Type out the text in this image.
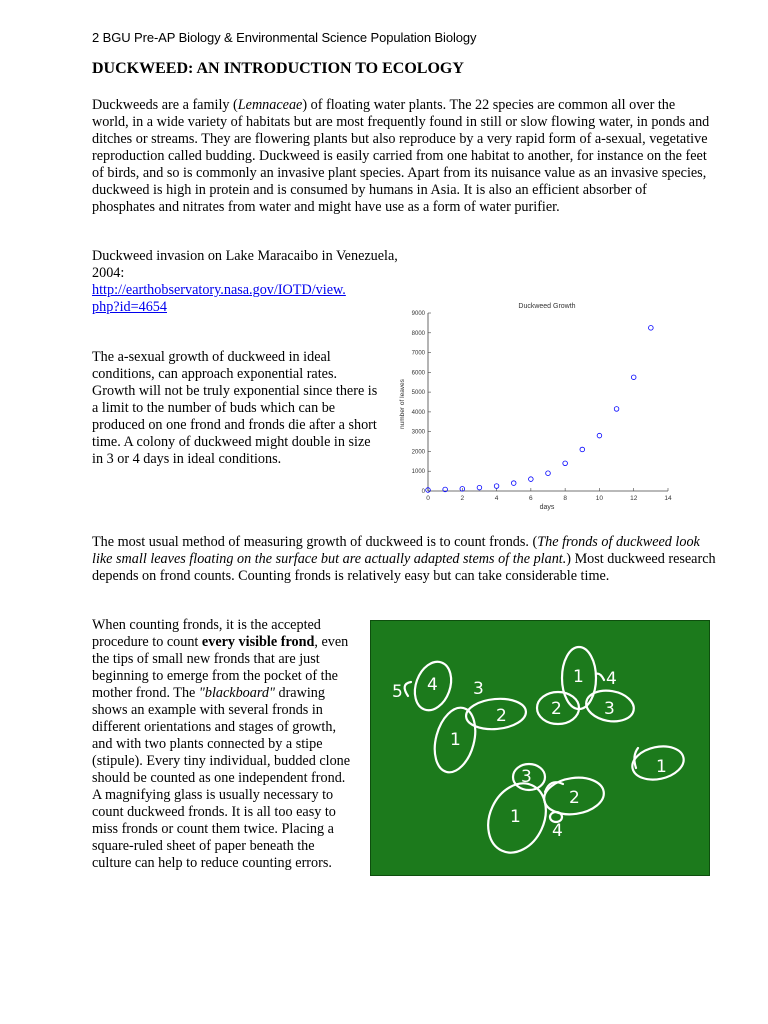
2 BGU Pre-AP Biology & Environmental Science Population Biology
DUCKWEED: AN INTRODUCTION TO ECOLOGY

Duckweeds are a family (Lemnaceae) of floating water plants. The 22 species are common all over the world, in a wide variety of habitats but are most frequently found in still or slow flowing water, in ponds and ditches or streams. They are flowering plants but also reproduce by a very rapid form of a-sexual, vegetative reproduction called budding. Duckweed is easily carried from one habitat to another, for instance on the feet of birds, and so is commonly an invasive plant species. Apart from its nuisance value as an invasive species, duckweed is high in protein and is consumed by humans in Asia. It is also an efficient absorber of phosphates and nitrates from water and might have use as a form of water purifier.

Duckweed invasion on Lake Maracaibo in Venezuela, 2004:
http://earthobservatory.nasa.gov/IOTD/view.
php?id=4654

The a-sexual growth of duckweed in ideal conditions, can approach exponential rates. Growth will not be truly exponential since there is a limit to the number of buds which can be produced on one frond and fronds die after a short time. A colony of duckweed might double in size in 3 or 4 days in ideal conditions.

Duckweed Growth
0	2	4	6	8	10	12	14
0
1000
2000
3000
4000
5000
6000
7000
8000
9000
days
number of leaves

The most usual method of measuring growth of duckweed is to count fronds. (The fronds of duckweed look like small leaves floating on the surface but are actually adapted stems of the plant.) Most duckweed research depends on frond counts. Counting fronds is relatively easy but can take considerable time.

When counting fronds, it is the accepted procedure to count every visible frond, even the tips of small new fronds that are just beginning to emerge from the pocket of the mother frond. The "blackboard" drawing shows an example with several fronds in different orientations and stages of growth, and with two plants connected by a stipe (stipule). Every tiny individual, budded clone should be counted as one independent frond. A magnifying glass is usually necessary to count duckweed fronds. It is all too easy to miss fronds or count them twice. Placing a square-ruled sheet of paper beneath the culture can help to reduce counting errors.

5 4 3
2
1
2
1 4
3
1
3
2
1
4
